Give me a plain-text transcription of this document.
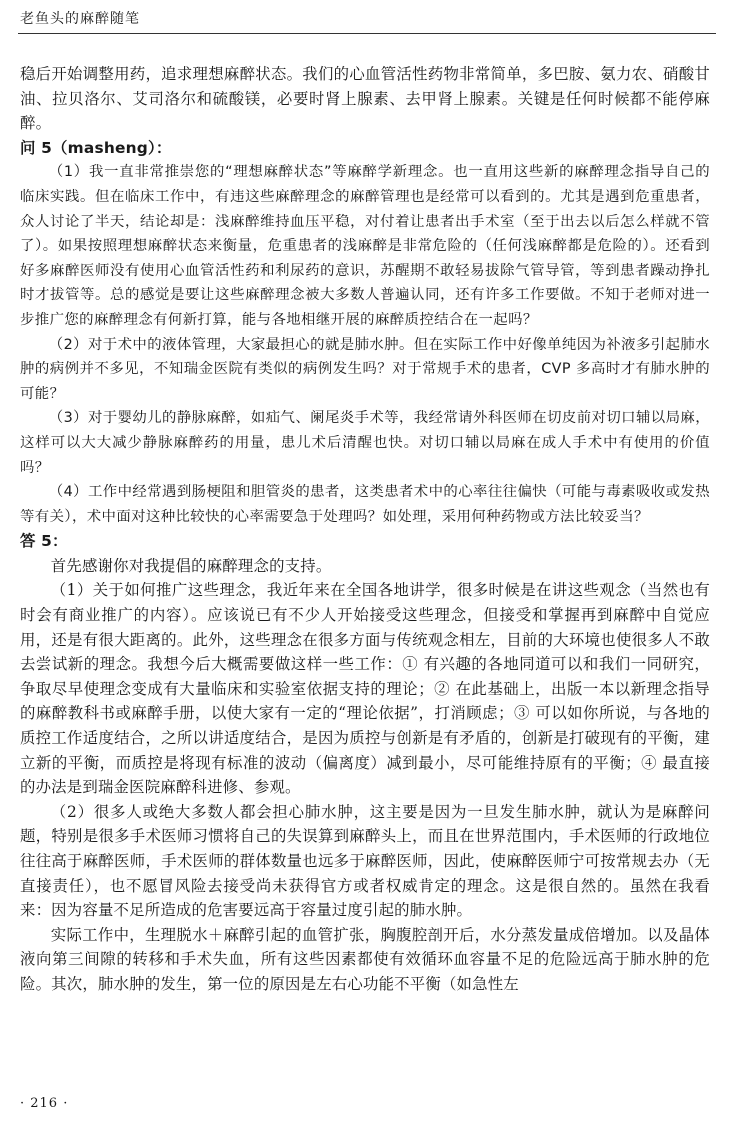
老鱼头的麻醉随笔

稳后开始调整用药，追求理想麻醉状态。我们的心血管活性药物非常简单，多巴胺、氨力农、硝酸甘油、拉贝洛尔、艾司洛尔和硫酸镁，必要时肾上腺素、去甲肾上腺素。关键是任何时候都不能停麻醉。

问 5（masheng）：

（1）我一直非常推崇您的“理想麻醉状态”等麻醉学新理念。也一直用这些新的麻醉理念指导自己的临床实践。但在临床工作中，有违这些麻醉理念的麻醉管理也是经常可以看到的。尤其是遇到危重患者，众人讨论了半天，结论却是：浅麻醉维持血压平稳，对付着让患者出手术室（至于出去以后怎么样就不管了）。如果按照理想麻醉状态来衡量，危重患者的浅麻醉是非常危险的（任何浅麻醉都是危险的）。还看到好多麻醉医师没有使用心血管活性药和利尿药的意识，苏醒期不敢轻易拔除气管导管，等到患者躁动挣扎时才拔管等。总的感觉是要让这些麻醉理念被大多数人普遍认同，还有许多工作要做。不知于老师对进一步推广您的麻醉理念有何新打算，能与各地相继开展的麻醉质控结合在一起吗？

（2）对于术中的液体管理，大家最担心的就是肺水肿。但在实际工作中好像单纯因为补液多引起肺水肿的病例并不多见，不知瑞金医院有类似的病例发生吗？对于常规手术的患者，CVP 多高时才有肺水肿的可能？

（3）对于婴幼儿的静脉麻醉，如疝气、阑尾炎手术等，我经常请外科医师在切皮前对切口辅以局麻，这样可以大大减少静脉麻醉药的用量，患儿术后清醒也快。对切口辅以局麻在成人手术中有使用的价值吗？

（4）工作中经常遇到肠梗阻和胆管炎的患者，这类患者术中的心率往往偏快（可能与毒素吸收或发热等有关），术中面对这种比较快的心率需要急于处理吗？如处理，采用何种药物或方法比较妥当？

答 5：

首先感谢你对我提倡的麻醉理念的支持。

（1）关于如何推广这些理念，我近年来在全国各地讲学，很多时候是在讲这些观念（当然也有时会有商业推广的内容）。应该说已有不少人开始接受这些理念，但接受和掌握再到麻醉中自觉应用，还是有很大距离的。此外，这些理念在很多方面与传统观念相左，目前的大环境也使很多人不敢去尝试新的理念。我想今后大概需要做这样一些工作：① 有兴趣的各地同道可以和我们一同研究，争取尽早使理念变成有大量临床和实验室依据支持的理论；② 在此基础上，出版一本以新理念指导的麻醉教科书或麻醉手册，以使大家有一定的“理论依据”，打消顾虑；③ 可以如你所说，与各地的质控工作适度结合，之所以讲适度结合，是因为质控与创新是有矛盾的，创新是打破现有的平衡，建立新的平衡，而质控是将现有标准的波动（偏离度）减到最小，尽可能维持原有的平衡；④ 最直接的办法是到瑞金医院麻醉科进修、参观。

（2）很多人或绝大多数人都会担心肺水肿，这主要是因为一旦发生肺水肿，就认为是麻醉问题，特别是很多手术医师习惯将自己的失误算到麻醉头上，而且在世界范围内，手术医师的行政地位往往高于麻醉医师，手术医师的群体数量也远多于麻醉医师，因此，使麻醉医师宁可按常规去办（无直接责任），也不愿冒风险去接受尚未获得官方或者权威肯定的理念。这是很自然的。虽然在我看来：因为容量不足所造成的危害要远高于容量过度引起的肺水肿。

实际工作中，生理脱水＋麻醉引起的血管扩张，胸腹腔剖开后，水分蒸发量成倍增加。以及晶体液向第三间隙的转移和手术失血，所有这些因素都使有效循环血容量不足的危险远高于肺水肿的危险。其次，肺水肿的发生，第一位的原因是左右心功能不平衡（如急性左

· 216 ·
